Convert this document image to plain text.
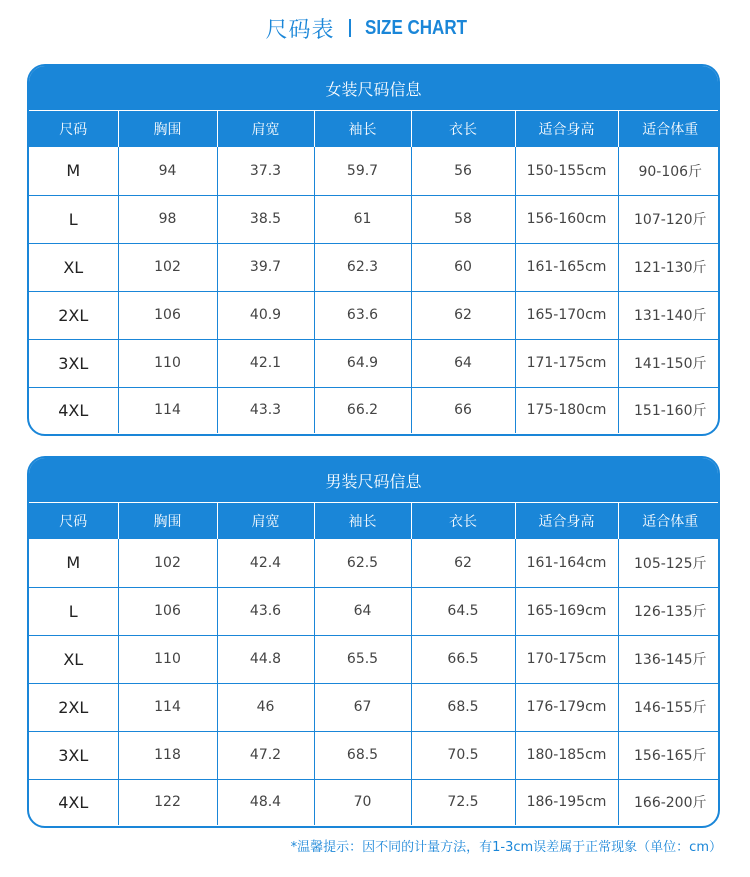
尺码表 SIZE CHART
女装尺码信息
尺码	胸围	肩宽	袖长	衣长	适合身高	适合体重
M	94	37.3	59.7	56	150-155cm	90-106斤
L	98	38.5	61	58	156-160cm	107-120斤
XL	102	39.7	62.3	60	161-165cm	121-130斤
2XL	106	40.9	63.6	62	165-170cm	131-140斤
3XL	110	42.1	64.9	64	171-175cm	141-150斤
4XL	114	43.3	66.2	66	175-180cm	151-160斤
男装尺码信息
尺码	胸围	肩宽	袖长	衣长	适合身高	适合体重
M	102	42.4	62.5	62	161-164cm	105-125斤
L	106	43.6	64	64.5	165-169cm	126-135斤
XL	110	44.8	65.5	66.5	170-175cm	136-145斤
2XL	114	46	67	68.5	176-179cm	146-155斤
3XL	118	47.2	68.5	70.5	180-185cm	156-165斤
4XL	122	48.4	70	72.5	186-195cm	166-200斤
*温馨提示：因不同的计量方法，有1-3cm误差属于正常现象（单位：cm）
